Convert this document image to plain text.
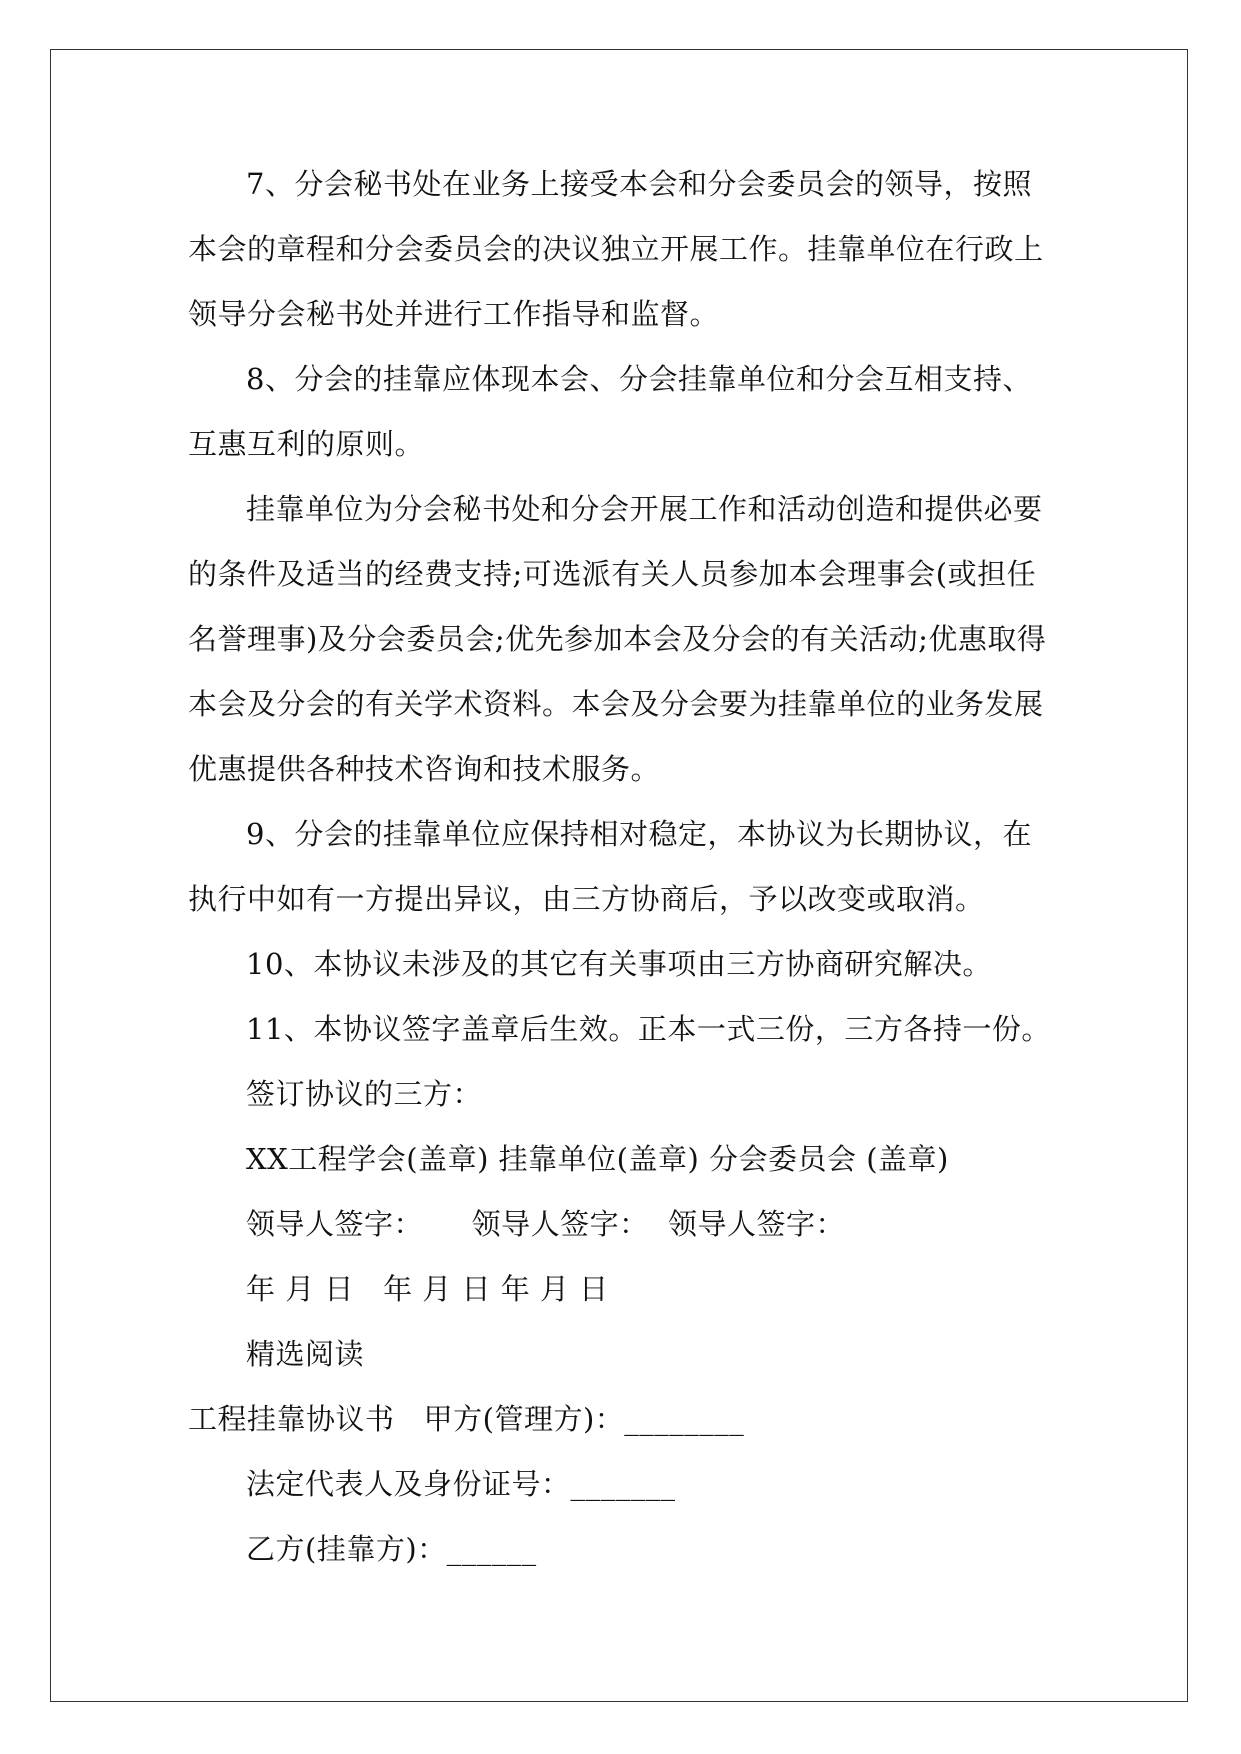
7、分会秘书处在业务上接受本会和分会委员会的领导，按照本会的章程和分会委员会的决议独立开展工作。挂靠单位在行政上领导分会秘书处并进行工作指导和监督。

8、分会的挂靠应体现本会、分会挂靠单位和分会互相支持、互惠互利的原则。

挂靠单位为分会秘书处和分会开展工作和活动创造和提供必要的条件及适当的经费支持;可选派有关人员参加本会理事会(或担任名誉理事)及分会委员会;优先参加本会及分会的有关活动;优惠取得本会及分会的有关学术资料。本会及分会要为挂靠单位的业务发展优惠提供各种技术咨询和技术服务。

9、分会的挂靠单位应保持相对稳定，本协议为长期协议，在执行中如有一方提出异议，由三方协商后，予以改变或取消。

10、本协议未涉及的其它有关事项由三方协商研究解决。

11、本协议签字盖章后生效。正本一式三份，三方各持一份。

签订协议的三方：

XX工程学会(盖章) 挂靠单位(盖章) 分会委员会 (盖章)

领导人签字：     领导人签字：  领导人签字：

年 月 日   年 月 日 年 月 日

精选阅读

工程挂靠协议书   甲方(管理方)：________

法定代表人及身份证号：_______

乙方(挂靠方)：______
